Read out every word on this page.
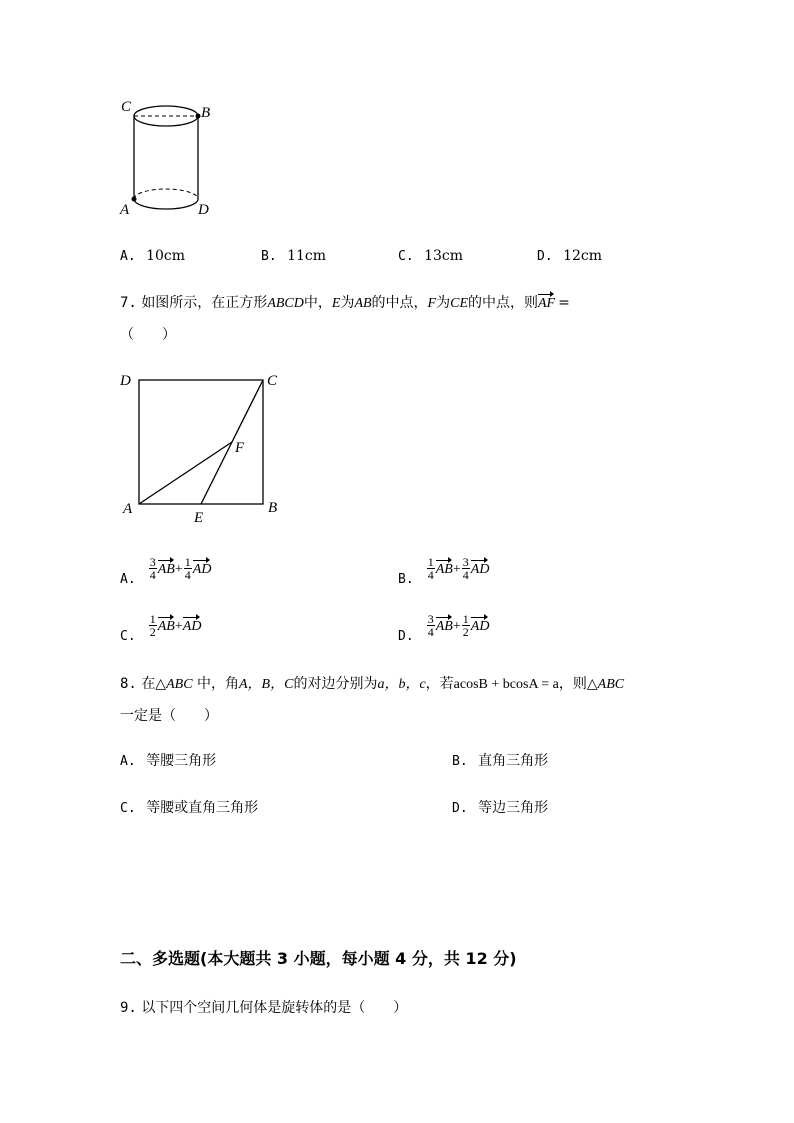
C	B
A	D
A. 10cm	B. 11cm	C. 13cm	D. 12cm
7. 如图所示，在正方形ABCD中，E为AB的中点，F为CE的中点，则AF =
（　　）
D	C
F
A
E
B
$_{A.} \frac{3}{4} AB+ \frac{1}{4}$ AD
$_{B.} \frac{1}{4} AB+ \frac{3}{4}$ AD
$_{C.} \frac{1}{2} AB+AD$
$_{D.} \frac{3}{4} AB+ \frac{1}{2}$ AD
8. 在△ABC 中，角A，B，C的对边分别为a，b，c，若acosB + bcosA = a，则△ABC
一定是（　　）
A. 等腰三角形	B. 直角三角形
C. 等腰或直角三角形	D. 等边三角形
二、多选题(本大题共 3 小题，每小题 4 分，共 12 分)
9. 以下四个空间几何体是旋转体的是（　　）
